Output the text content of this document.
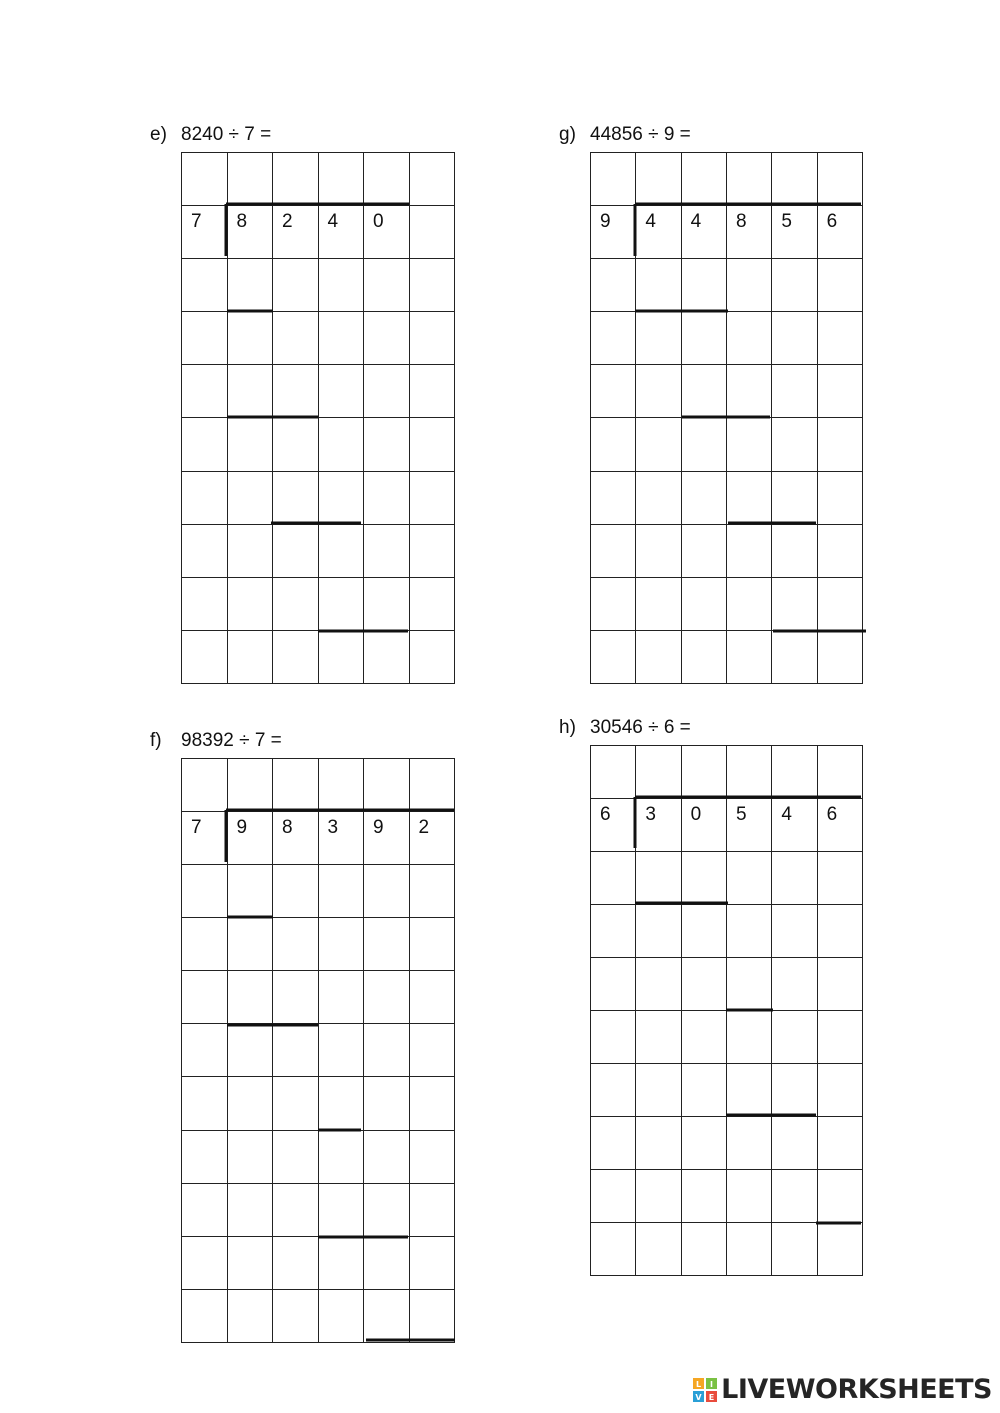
e) 8240 ÷ 7 =

7	8	2	4	0	

g) 44856 ÷ 9 =

9	4	4	8	5	6

f) 98392 ÷ 7 =

7	9	8	3	9	2

h) 30546 ÷ 6 =

6	3	0	5	4	6

L I
V E LIVEWORKSHEETS
